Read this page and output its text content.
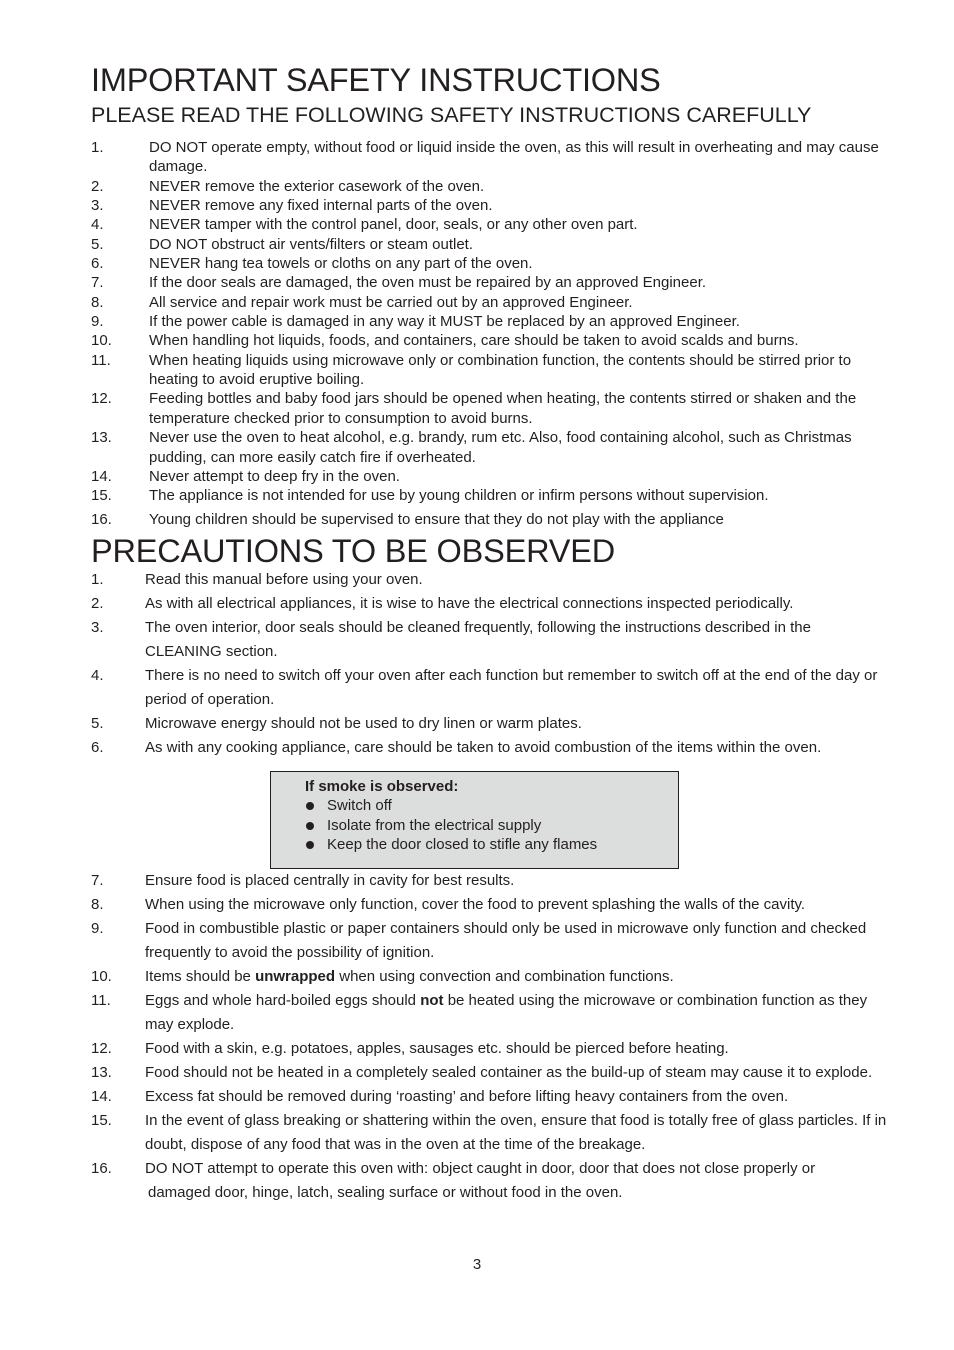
IMPORTANT SAFETY INSTRUCTIONS
PLEASE READ THE FOLLOWING SAFETY INSTRUCTIONS CAREFULLY
1.	DO NOT operate empty, without food or liquid inside the oven, as this will result in overheating and may cause damage.
2.	NEVER remove the exterior casework of the oven.
3.	NEVER remove any fixed internal parts of the oven.
4.	NEVER tamper with the control panel, door, seals, or any other oven part.
5.	DO NOT obstruct air vents/filters or steam outlet.
6.	NEVER hang tea towels or cloths on any part of the oven.
7.	If the door seals are damaged, the oven must be repaired by an approved Engineer.
8.	All service and repair work must be carried out by an approved Engineer.
9.	If the power cable is damaged in any way it MUST be replaced by an approved Engineer.
10. When handling hot liquids, foods, and containers, care should be taken to avoid scalds and burns.
11.	When heating liquids using microwave only or combination function, the contents should be stirred prior to heating to avoid eruptive boiling.
12. Feeding bottles and baby food jars should be opened when heating, the contents stirred or shaken and the temperature checked prior to consumption to avoid burns.
13. Never use the oven to heat alcohol, e.g. brandy, rum etc. Also, food containing alcohol, such as Christmas pudding, can more easily catch fire if overheated.
14. Never attempt to deep fry in the oven.
15. The appliance is not intended for use by young children or infirm persons without supervision.
16. Young children should be supervised to ensure that they do not play with the appliance
PRECAUTIONS TO BE OBSERVED
1.	Read this manual before using your oven.
2.	As with all electrical appliances, it is wise to have the electrical connections inspected periodically.
3.	The oven interior, door seals should be cleaned frequently, following the instructions described in the CLEANING section.
4.	There is no need to switch off your oven after each function but remember to switch off at the end of the day or period of operation.
5.	Microwave energy should not be used to dry linen or warm plates.
6.	As with any cooking appliance, care should be taken to avoid combustion of the items within the oven.
If smoke is observed:
Switch off
Isolate from the electrical supply
Keep the door closed to stifle any flames
7.	Ensure food is placed centrally in cavity for best results.
8.	When using the microwave only function, cover the food to prevent splashing the walls of the cavity.
9.	Food in combustible plastic or paper containers should only be used in microwave only function and checked frequently to avoid the possibility of ignition.
10. Items should be unwrapped when using convection and combination functions.
11. Eggs and whole hard-boiled eggs should not be heated using the microwave or combination function as they may explode.
12. Food with a skin, e.g. potatoes, apples, sausages etc. should be pierced before heating.
13. Food should not be heated in a completely sealed container as the build-up of steam may cause it to explode.
14. Excess fat should be removed during ‘roasting’ and before lifting heavy containers from the oven.
15. In the event of glass breaking or shattering within the oven, ensure that food is totally free of glass particles. If in doubt, dispose of any food that was in the oven at the time of the breakage.
16. DO NOT attempt to operate this oven with: object caught in door, door that does not close properly or
damaged door, hinge, latch, sealing surface or without food in the oven.
3
